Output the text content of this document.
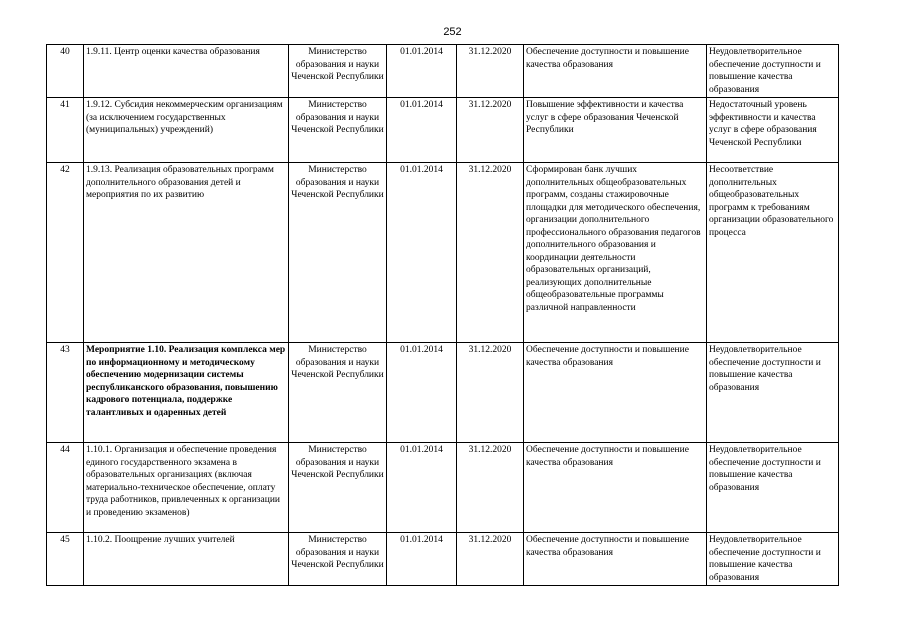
252
40	1.9.11. Центр оценки качества образования	Министерство образования и науки Чеченской Республики	01.01.2014	31.12.2020	Обеспечение доступности и повышение качества образования	Неудовлетворительное обеспечение доступности и повышение качества образования
41	1.9.12. Субсидия некоммерческим организациям (за исключением государственных (муниципальных) учреждений)	Министерство образования и науки Чеченской Республики	01.01.2014	31.12.2020	Повышение эффективности и качества услуг в сфере образования Чеченской Республики	Недостаточный уровень эффективности и качества услуг в сфере образования Чеченской Республики
42	1.9.13. Реализация образовательных программ дополнительного образования детей и мероприятия по их развитию	Министерство образования и науки Чеченской Республики	01.01.2014	31.12.2020	Сформирован банк лучших дополнительных общеобразовательных программ, созданы стажировочные площадки для методического обеспечения, организации дополнительного профессионального образования педагогов дополнительного образования и координации деятельности образовательных организаций, реализующих дополнительные общеобразовательные программы различной направленности	Несоответствие дополнительных общеобразовательных программ к требованиям организации образовательного процесса
43	Мероприятие 1.10. Реализация комплекса мер по информационному и методическому обеспечению модернизации системы республиканского образования, повышению кадрового потенциала, поддержке талантливых и одаренных детей	Министерство образования и науки Чеченской Республики	01.01.2014	31.12.2020	Обеспечение доступности и повышение качества образования	Неудовлетворительное обеспечение доступности и повышение качества образования
44	1.10.1. Организация и обеспечение проведения единого государственного экзамена в образовательных организациях (включая материально-техническое обеспечение, оплату труда работников, привлеченных к организации и проведению экзаменов)	Министерство образования и науки Чеченской Республики	01.01.2014	31.12.2020	Обеспечение доступности и повышение качества образования	Неудовлетворительное обеспечение доступности и повышение качества образования
45	1.10.2. Поощрение лучших учителей	Министерство образования и науки Чеченской Республики	01.01.2014	31.12.2020	Обеспечение доступности и повышение качества образования	Неудовлетворительное обеспечение доступности и повышение качества образования
